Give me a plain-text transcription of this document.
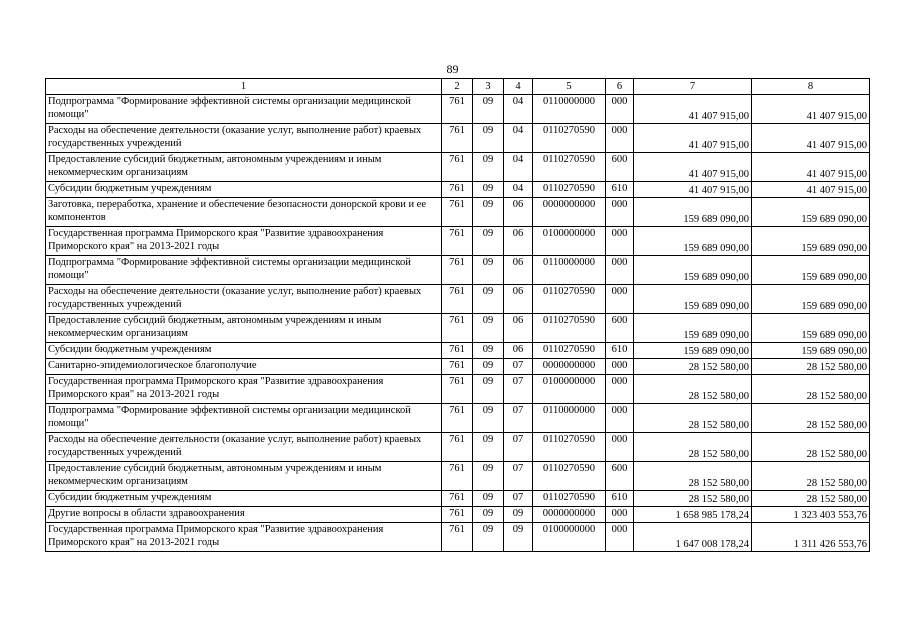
89
1	2	3	4	5	6	7	8
Подпрограмма "Формирование эффективной системы организации медицинской помощи"	761	09	04	0110000000	000	41 407 915,00	41 407 915,00
Расходы на обеспечение деятельности (оказание услуг, выполнение работ) краевых государственных учреждений	761	09	04	0110270590	000	41 407 915,00	41 407 915,00
Предоставление субсидий бюджетным, автономным учреждениям и иным некоммерческим организациям	761	09	04	0110270590	600	41 407 915,00	41 407 915,00
Субсидии бюджетным учреждениям	761	09	04	0110270590	610	41 407 915,00	41 407 915,00
Заготовка, переработка, хранение и обеспечение безопасности донорской крови и ее компонентов	761	09	06	0000000000	000	159 689 090,00	159 689 090,00
Государственная программа Приморского края "Развитие здравоохранения Приморского края" на 2013-2021 годы	761	09	06	0100000000	000	159 689 090,00	159 689 090,00
Подпрограмма "Формирование эффективной системы организации медицинской помощи"	761	09	06	0110000000	000	159 689 090,00	159 689 090,00
Расходы на обеспечение деятельности (оказание услуг, выполнение работ) краевых государственных учреждений	761	09	06	0110270590	000	159 689 090,00	159 689 090,00
Предоставление субсидий бюджетным, автономным учреждениям и иным некоммерческим организациям	761	09	06	0110270590	600	159 689 090,00	159 689 090,00
Субсидии бюджетным учреждениям	761	09	06	0110270590	610	159 689 090,00	159 689 090,00
Санитарно-эпидемиологическое благополучие	761	09	07	0000000000	000	28 152 580,00	28 152 580,00
Государственная программа Приморского края "Развитие здравоохранения Приморского края" на 2013-2021 годы	761	09	07	0100000000	000	28 152 580,00	28 152 580,00
Подпрограмма "Формирование эффективной системы организации медицинской помощи"	761	09	07	0110000000	000	28 152 580,00	28 152 580,00
Расходы на обеспечение деятельности (оказание услуг, выполнение работ) краевых государственных учреждений	761	09	07	0110270590	000	28 152 580,00	28 152 580,00
Предоставление субсидий бюджетным, автономным учреждениям и иным некоммерческим организациям	761	09	07	0110270590	600	28 152 580,00	28 152 580,00
Субсидии бюджетным учреждениям	761	09	07	0110270590	610	28 152 580,00	28 152 580,00
Другие вопросы в области здравоохранения	761	09	09	0000000000	000	1 658 985 178,24	1 323 403 553,76
Государственная программа Приморского края "Развитие здравоохранения Приморского края" на 2013-2021 годы	761	09	09	0100000000	000	1 647 008 178,24	1 311 426 553,76
